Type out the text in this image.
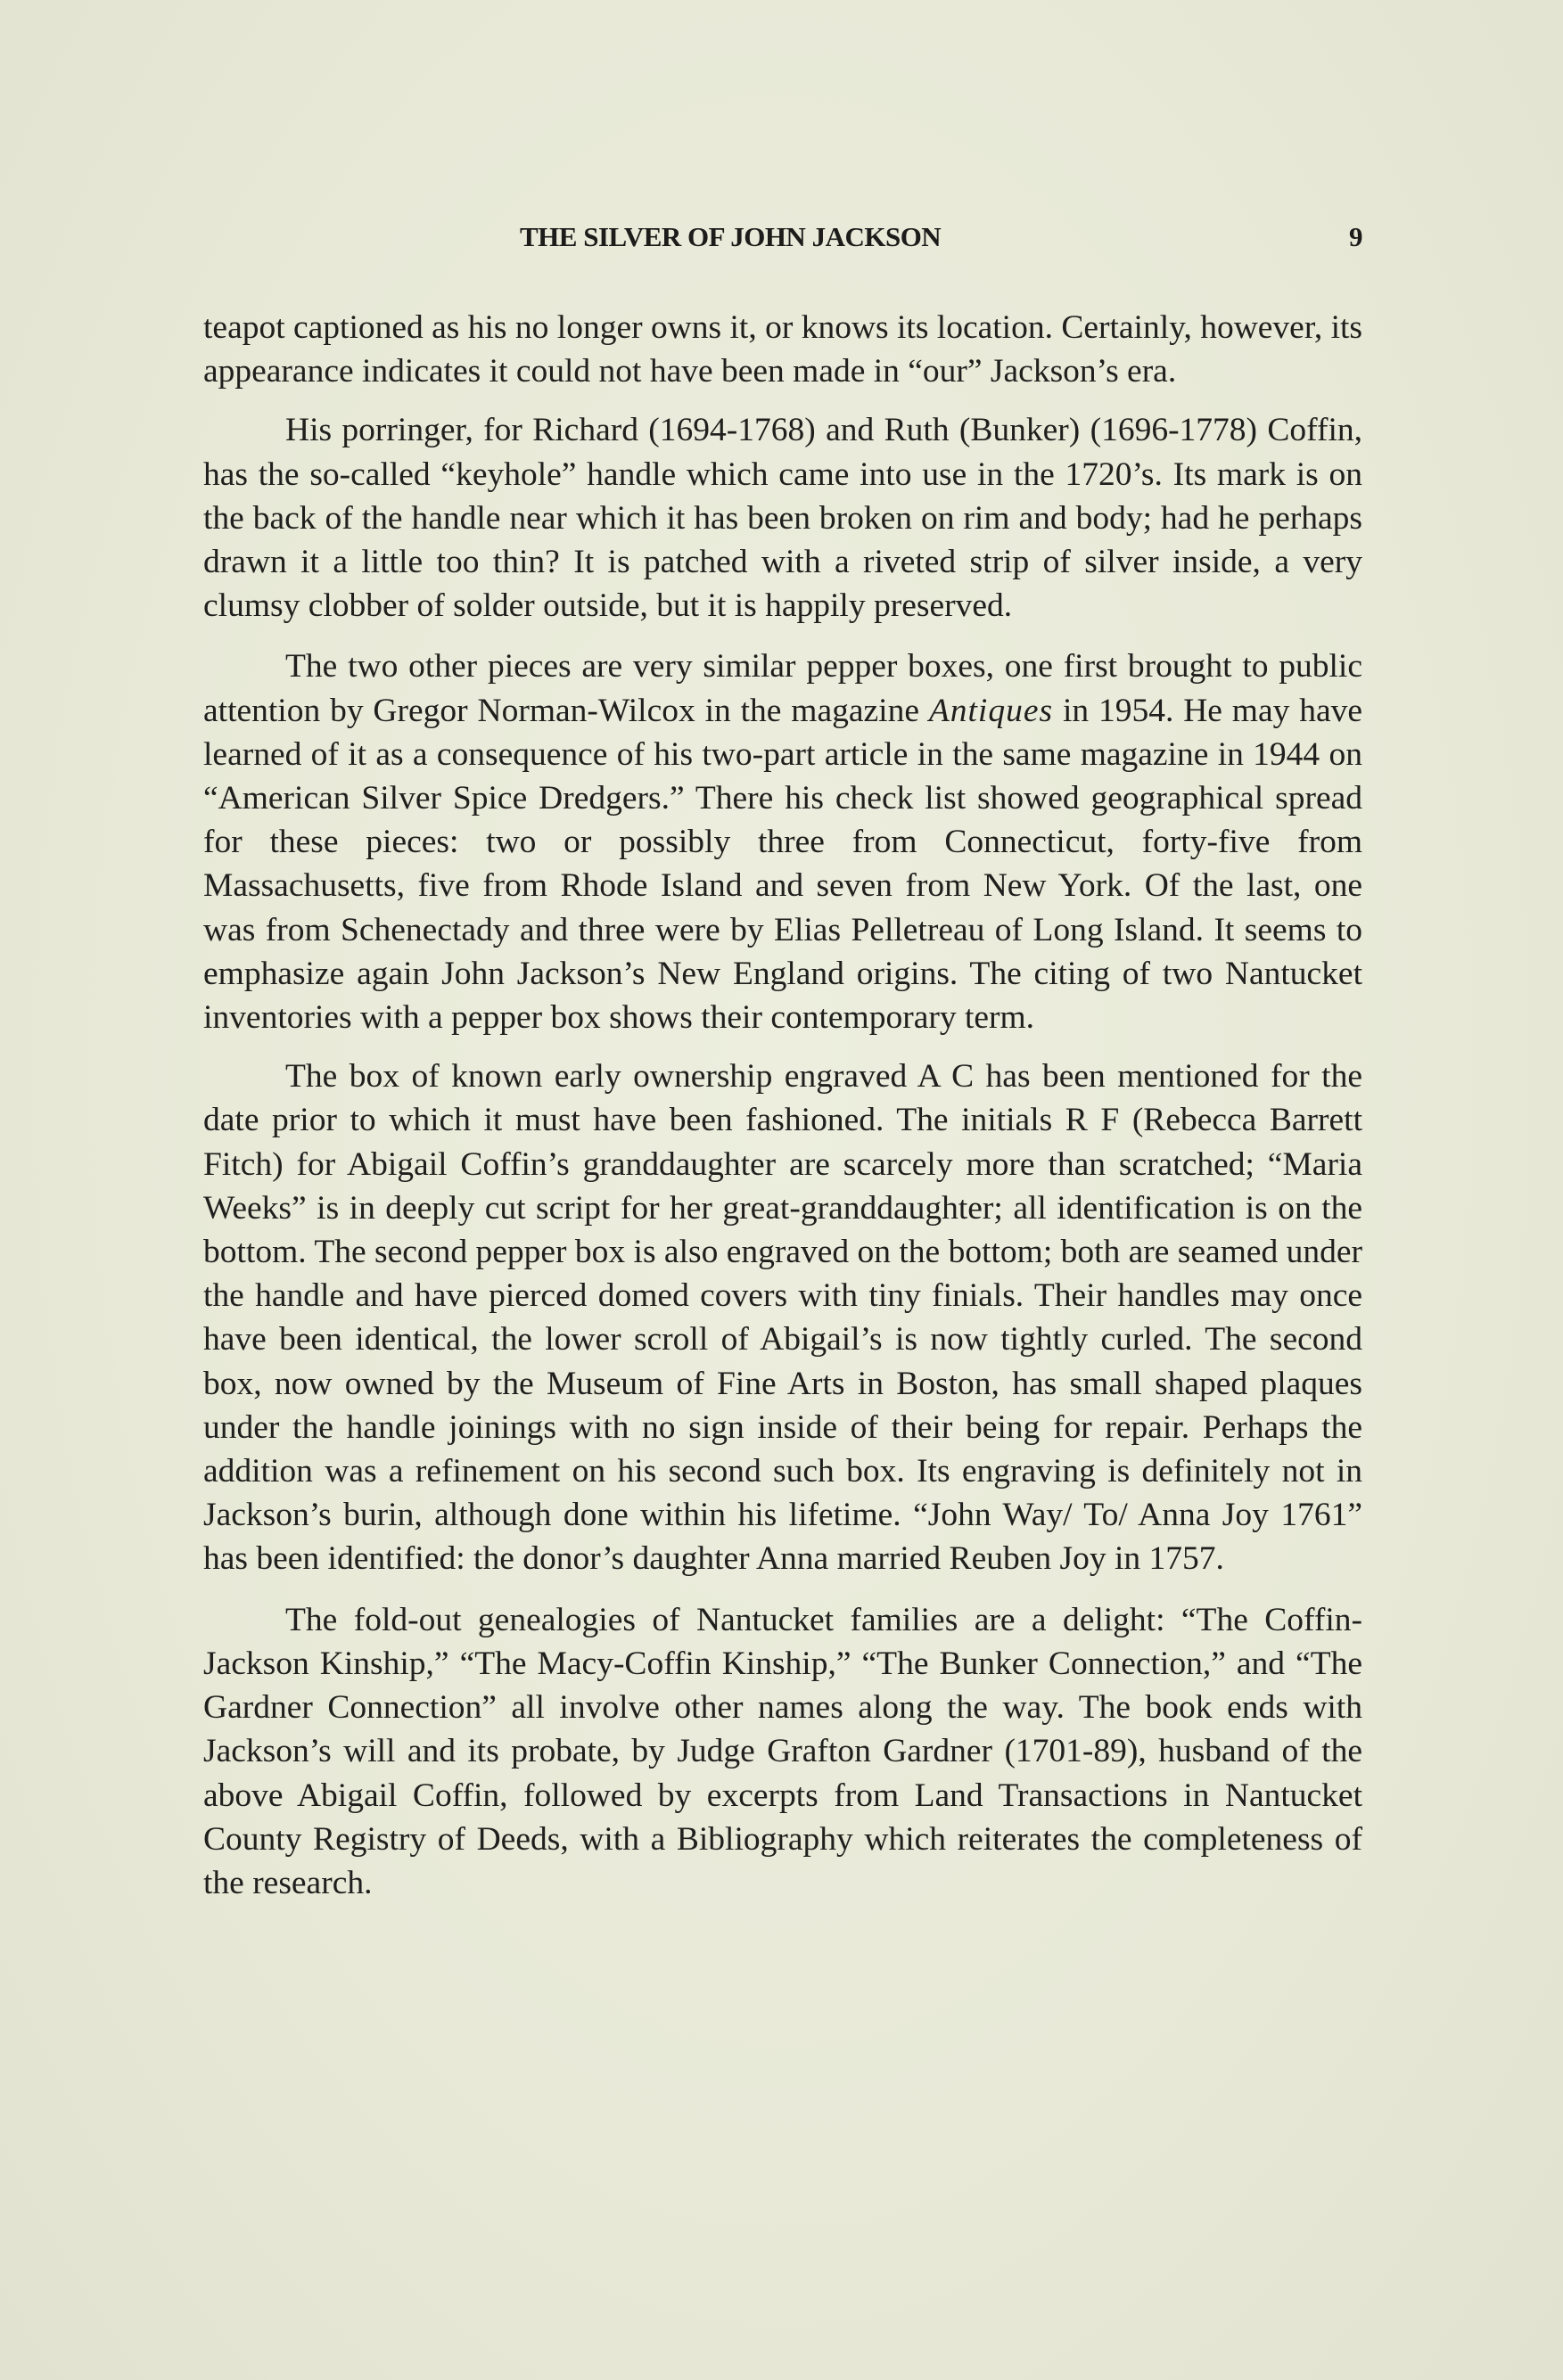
THE SILVER OF JOHN JACKSON	9

teapot captioned as his no longer owns it, or knows its location. Certainly, however, its appearance indicates it could not have been made in “our” Jackson’s era.

His porringer, for Richard (1694-1768) and Ruth (Bunker) (1696-1778) Coffin, has the so-called “keyhole” handle which came into use in the 1720’s. Its mark is on the back of the handle near which it has been broken on rim and body; had he perhaps drawn it a little too thin? It is patched with a riveted strip of silver inside, a very clumsy clobber of solder outside, but it is happily preserved.

The two other pieces are very similar pepper boxes, one first brought to public attention by Gregor Norman-Wilcox in the magazine Antiques in 1954. He may have learned of it as a consequence of his two-part article in the same magazine in 1944 on “American Silver Spice Dredgers.” There his check list showed geographical spread for these pieces: two or possibly three from Connecticut, forty-five from Massachusetts, five from Rhode Island and seven from New York. Of the last, one was from Schenectady and three were by Elias Pelletreau of Long Island. It seems to emphasize again John Jackson’s New England origins. The citing of two Nantucket inventories with a pepper box shows their contemporary term.

The box of known early ownership engraved A C has been mentioned for the date prior to which it must have been fashioned. The initials R F (Rebecca Barrett Fitch) for Abigail Coffin’s granddaughter are scarcely more than scratched; “Maria Weeks” is in deeply cut script for her great-granddaughter; all identification is on the bottom. The second pepper box is also engraved on the bottom; both are seamed under the handle and have pierced domed covers with tiny finials. Their handles may once have been identical, the lower scroll of Abigail’s is now tightly curled. The second box, now owned by the Museum of Fine Arts in Boston, has small shaped plaques under the handle joinings with no sign inside of their being for repair. Perhaps the addition was a refinement on his second such box. Its engraving is definitely not in Jackson’s burin, although done within his lifetime. “John Way/ To/ Anna Joy 1761” has been identified: the donor’s daughter Anna married Reuben Joy in 1757.

The fold-out genealogies of Nantucket families are a delight: “The Coffin-Jackson Kinship,” “The Macy-Coffin Kinship,” “The Bunker Connection,” and “The Gardner Connection” all involve other names along the way. The book ends with Jackson’s will and its probate, by Judge Grafton Gardner (1701-89), husband of the above Abigail Coffin, followed by excerpts from Land Transactions in Nantucket County Registry of Deeds, with a Bibliography which reiterates the completeness of the research.
